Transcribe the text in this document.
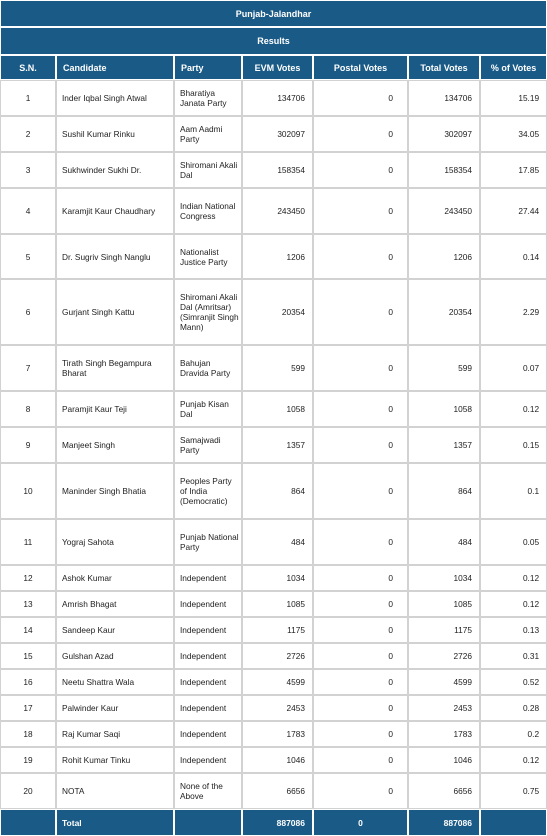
Punjab-Jalandhar						
Results						
S.N.	Candidate	Party	EVM Votes	Postal Votes	Total Votes	% of Votes
1	Inder Iqbal Singh Atwal	Bharatiya Janata Party	134706	0	134706	15.19
2	Sushil Kumar Rinku	Aam Aadmi Party	302097	0	302097	34.05
3	Sukhwinder Sukhi Dr.	Shiromani Akali Dal	158354	0	158354	17.85
4	Karamjit Kaur Chaudhary	Indian National Congress	243450	0	243450	27.44
5	Dr. Sugriv Singh Nanglu	Nationalist Justice Party	1206	0	1206	0.14
6	Gurjant Singh Kattu	Shiromani Akali Dal (Amritsar)(Simranjit Singh Mann)	20354	0	20354	2.29
7	Tirath Singh Begampura Bharat	Bahujan Dravida Party	599	0	599	0.07
8	Paramjit Kaur Teji	Punjab Kisan Dal	1058	0	1058	0.12
9	Manjeet Singh	Samajwadi Party	1357	0	1357	0.15
10	Maninder Singh Bhatia	Peoples Party of India (Democratic)	864	0	864	0.1
11	Yograj Sahota	Punjab National Party	484	0	484	0.05
12	Ashok Kumar	Independent	1034	0	1034	0.12
13	Amrish Bhagat	Independent	1085	0	1085	0.12
14	Sandeep Kaur	Independent	1175	0	1175	0.13
15	Gulshan Azad	Independent	2726	0	2726	0.31
16	Neetu Shattra Wala	Independent	4599	0	4599	0.52
17	Palwinder Kaur	Independent	2453	0	2453	0.28
18	Raj Kumar Saqi	Independent	1783	0	1783	0.2
19	Rohit Kumar Tinku	Independent	1046	0	1046	0.12
20	NOTA	None of the Above	6656	0	6656	0.75
	Total		887086	0	887086	
